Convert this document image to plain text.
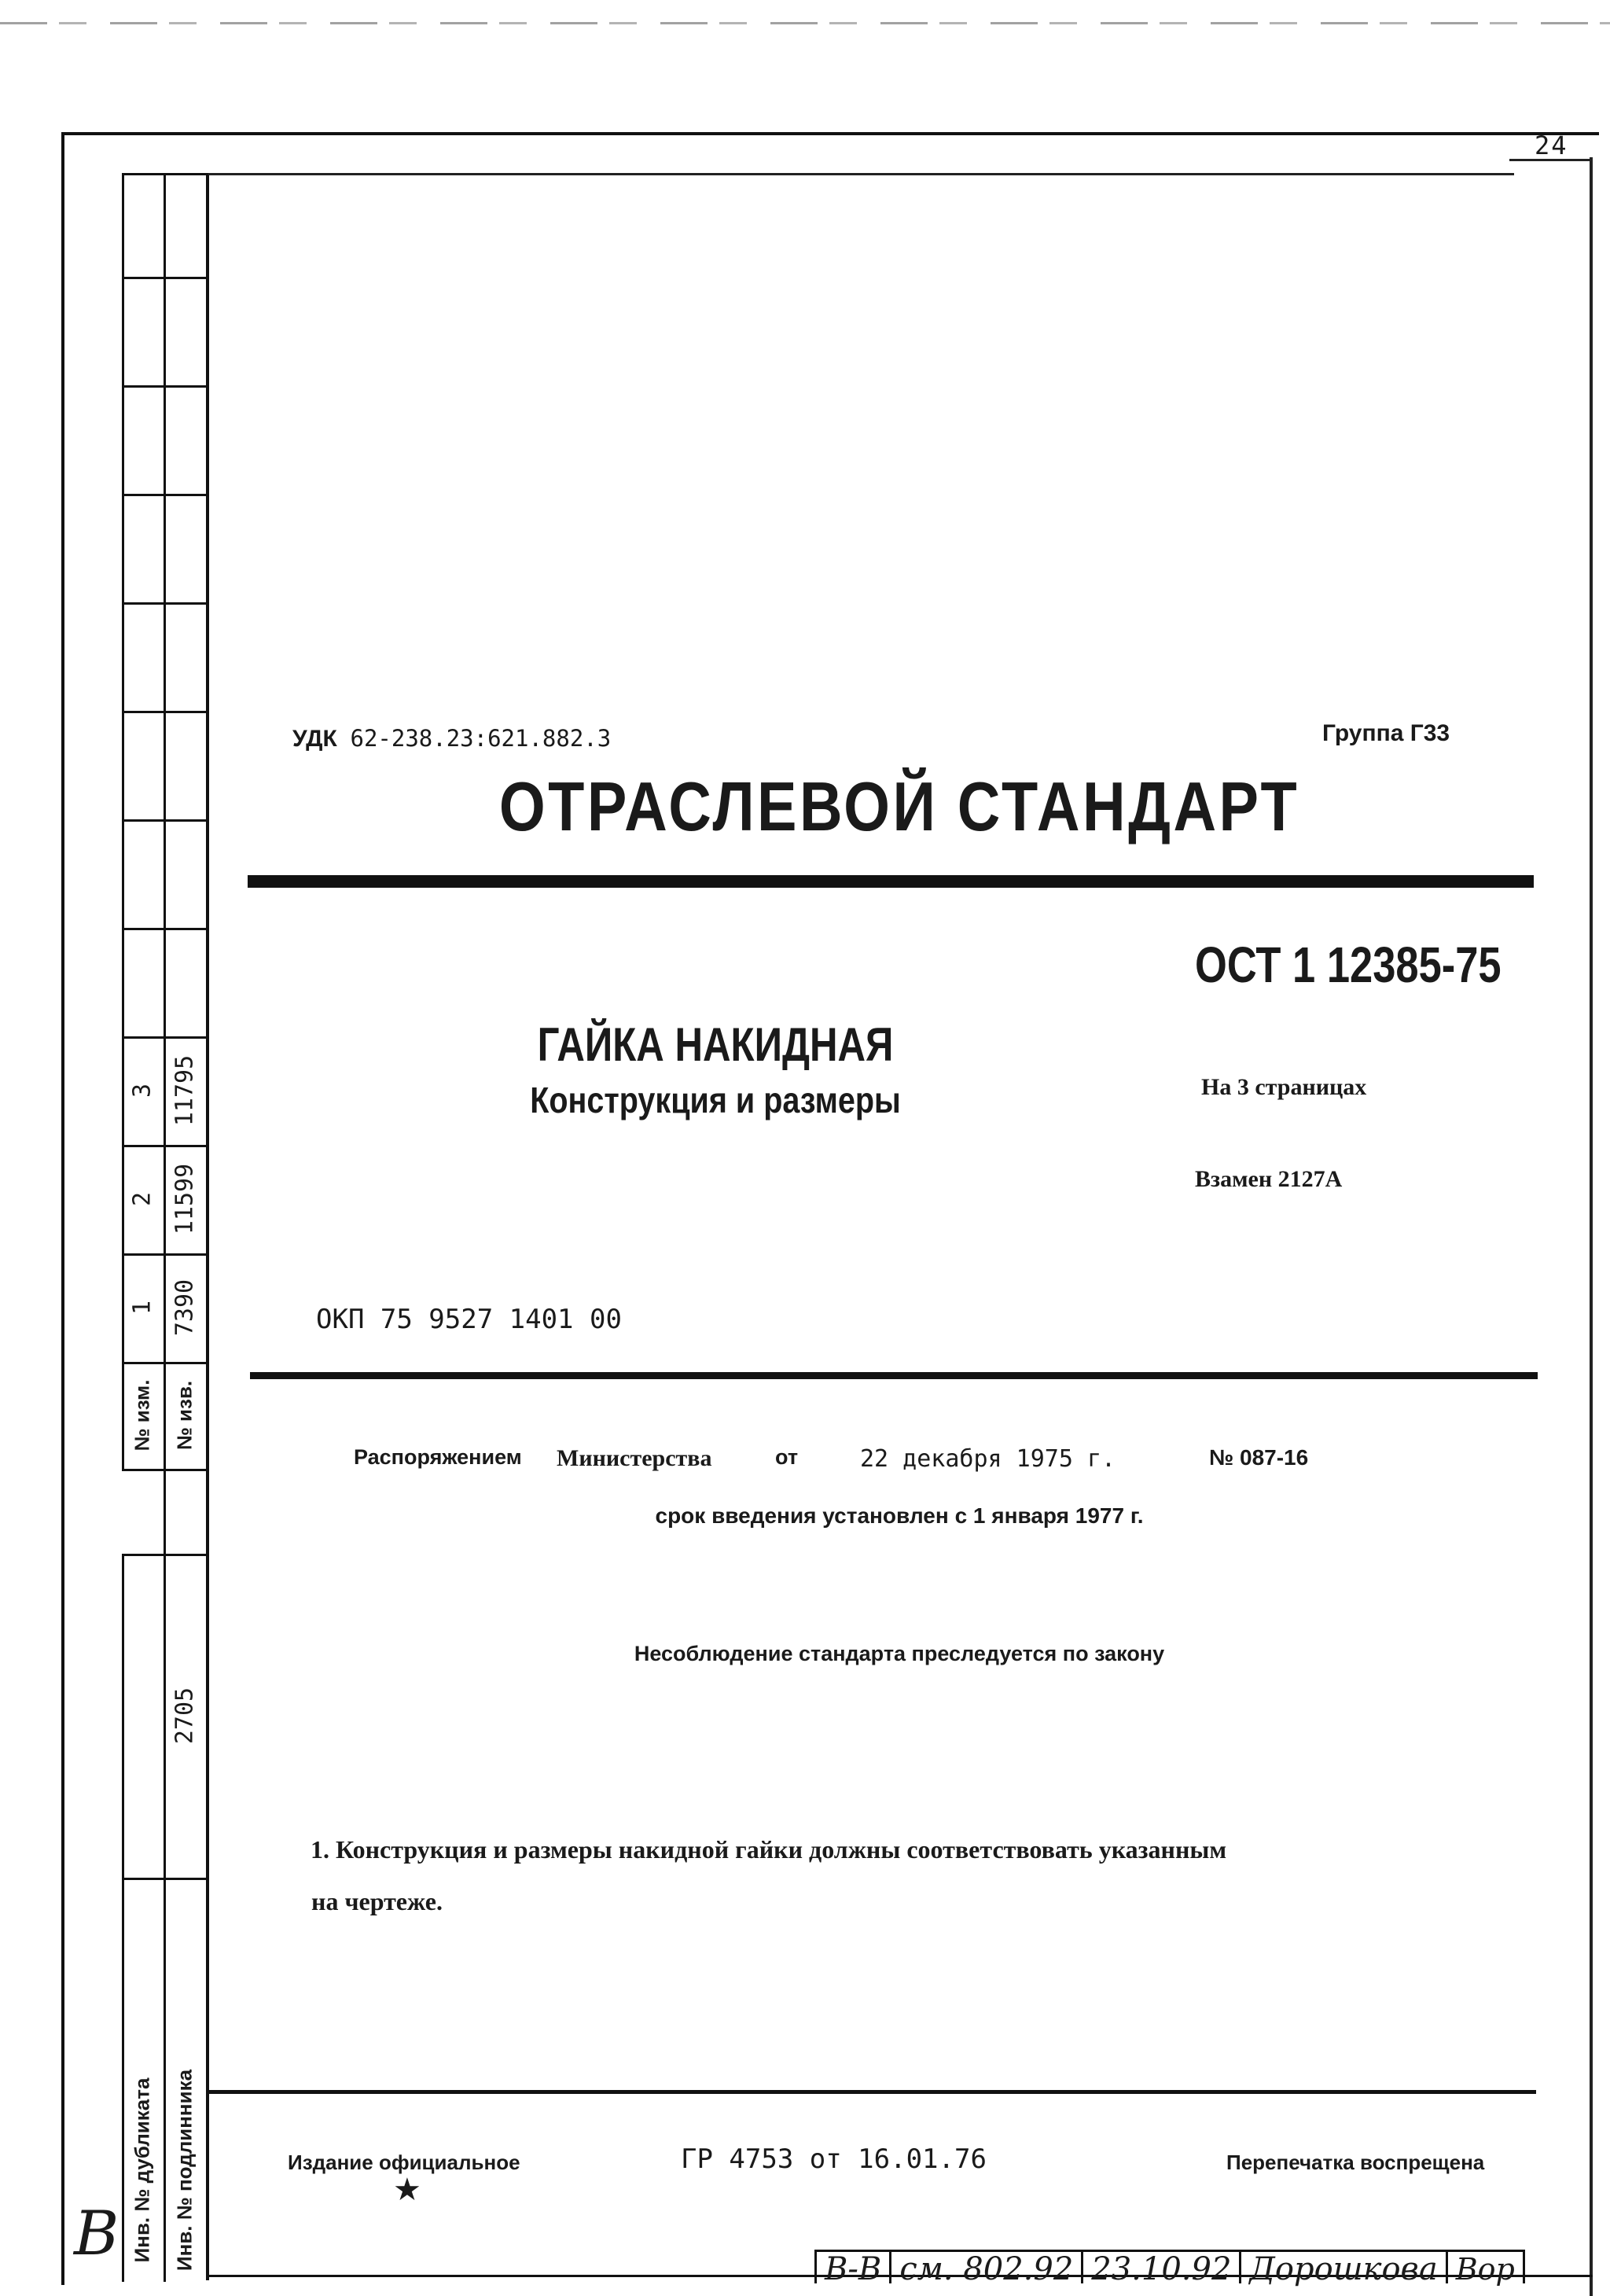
24
3 11795
2 11599
1 7390
№ изм. № изв.
2705
Инв. № дубликата Инв. № подлинника
УДК 62-238.23:621.882.3	Группа Г33
ОТРАСЛЕВОЙ СТАНДАРТ
ОСТ 1 12385-75
ГАЙКА НАКИДНАЯ
Конструкция и размеры	На 3 страницах
Взамен 2127А
ОКП 75 9527 1401 00
Распоряжением Министерства	от	22 декабря 1975 г.	№ 087-16
срок введения установлен с 1 января 1977 г.
Несоблюдение стандарта преследуется по закону
1. Конструкция и размеры накидной гайки должны соответствовать указанным
на чертеже.
Издание официальное
★
ГР 4753 от 16.01.76	Перепечатка воспрещена
В	В-В см. 802.92 23.10.92 Дорошкова Вор
